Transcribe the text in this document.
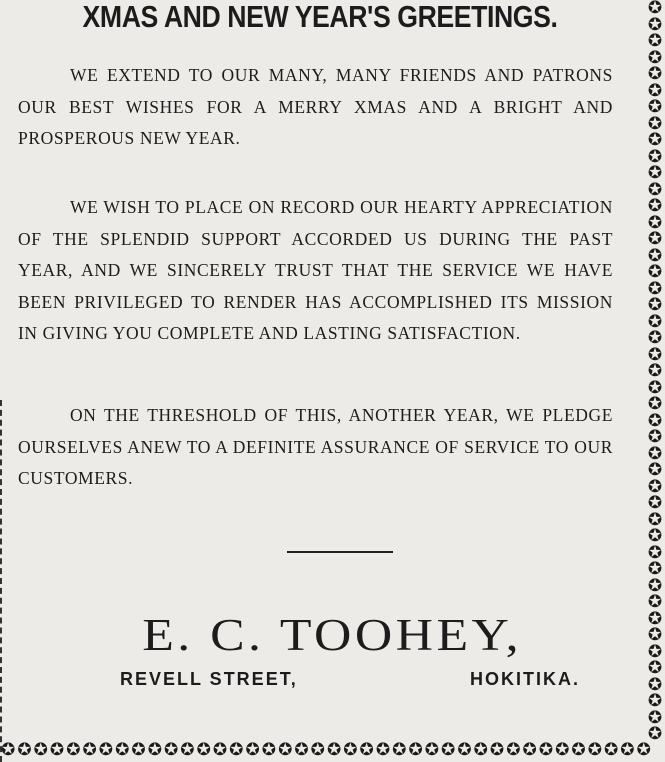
XMAS AND NEW YEAR'S GREETINGS.
WE EXTEND TO OUR MANY, MANY FRIENDS AND PATRONS OUR BEST WISHES FOR A MERRY XMAS AND A BRIGHT AND PROSPEROUS NEW YEAR.
WE WISH TO PLACE ON RECORD OUR HEARTY APPRECIATION OF THE SPLENDID SUPPORT ACCORDED US DURING THE PAST YEAR, AND WE SINCERELY TRUST THAT THE SERVICE WE HAVE BEEN PRIVILEGED TO RENDER HAS ACCOMPLISHED ITS MISSION IN GIVING YOU COMPLETE AND LASTING SATISFACTION.
ON THE THRESHOLD OF THIS, ANOTHER YEAR, WE PLEDGE OURSELVES ANEW TO A DEFINITE ASSURANCE OF SERVICE TO OUR CUSTOMERS.
E. C. TOOHEY,
REVELL STREET,	HOKITIKA.
✪
✪
✪
✪
✪
✪
✪
✪
✪
✪
✪
✪
✪
✪
✪
✪
✪
✪
✪
✪
✪
✪
✪
✪
✪
✪
✪
✪
✪
✪
✪
✪
✪
✪
✪
✪
✪
✪
✪
✪
✪
✪
✪
✪
✪
✪ ✪ ✪ ✪ ✪ ✪ ✪ ✪ ✪ ✪ ✪ ✪ ✪ ✪ ✪ ✪ ✪ ✪ ✪ ✪ ✪ ✪ ✪ ✪ ✪ ✪ ✪ ✪ ✪ ✪ ✪ ✪ ✪ ✪ ✪ ✪ ✪ ✪ ✪ ✪
